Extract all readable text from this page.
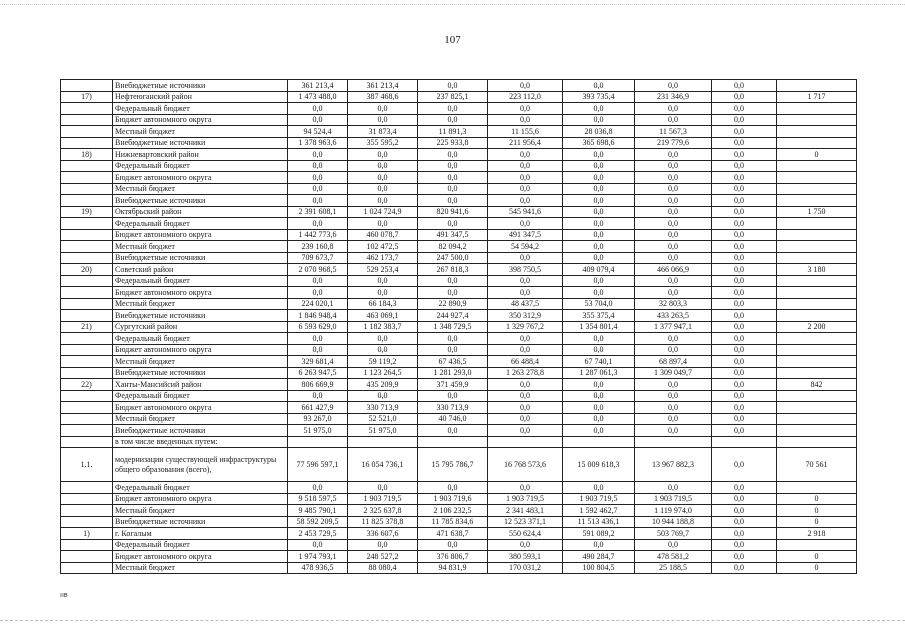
107
	Внебюджетные источники	361 213,4	361 213,4	0,0	0,0	0,0	0,0	0,0	
17)	Нефтеюганский район	1 473 488,0	387 468,6	237 825,1	223 112,0	393 735,4	231 346,9	0,0	1 717
	Федеральный бюджет	0,0	0,0	0,0	0,0	0,0	0,0	0,0	
	Бюджет автономного округа	0,0	0,0	0,0	0,0	0,0	0,0	0,0	
	Местный бюджет	94 524,4	31 873,4	11 891,3	11 155,6	28 036,8	11 567,3	0,0	
	Внебюджетные источники	1 378 963,6	355 595,2	225 933,8	211 956,4	365 698,6	219 779,6	0,0	
18)	Нижневартовский район	0,0	0,0	0,0	0,0	0,0	0,0	0,0	0
	Федеральный бюджет	0,0	0,0	0,0	0,0	0,0	0,0	0,0	
	Бюджет автономного округа	0,0	0,0	0,0	0,0	0,0	0,0	0,0	
	Местный бюджет	0,0	0,0	0,0	0,0	0,0	0,0	0,0	
	Внебюджетные источники	0,0	0,0	0,0	0,0	0,0	0,0	0,0	
19)	Октябрьский район	2 391 608,1	1 024 724,9	820 941,6	545 941,6	0,0	0,0	0,0	1 750
	Федеральный бюджет	0,0	0,0	0,0	0,0	0,0	0,0	0,0	
	Бюджет автономного округа	1 442 773,6	460 078,7	491 347,5	491 347,5	0,0	0,0	0,0	
	Местный бюджет	239 160,8	102 472,5	82 094,2	54 594,2	0,0	0,0	0,0	
	Внебюджетные источники	709 673,7	462 173,7	247 500,0	0,0	0,0	0,0	0,0	
20)	Советский район	2 070 968,5	529 253,4	267 818,3	398 750,5	409 079,4	466 066,9	0,0	3 180
	Федеральный бюджет	0,0	0,0	0,0	0,0	0,0	0,0	0,0	
	Бюджет автономного округа	0,0	0,0	0,0	0,0	0,0	0,0	0,0	
	Местный бюджет	224 020,1	66 184,3	22 890,9	48 437,5	53 704,0	32 803,3	0,0	
	Виебюджетные источники	1 846 948,4	463 069,1	244 927,4	350 312,9	355 375,4	433 263,5	0,0	
21)	Сургутский район	6 593 629,0	1 182 383,7	1 348 729,5	1 329 767,2	1 354 801,4	1 377 947,1	0,0	2 200
	Федеральный бюджет	0,0	0,0	0,0	0,0	0,0	0,0	0,0	
	Бюджет автономного округа	0,0	0,0	0,0	0,0	0,0	0,0	0,0	
	Местный бюджет	329 681,4	59 119,2	67 436,5	66 488,4	67 740,1	68 897,4	0,0	
	Внебюджетные источники	6 263 947,5	1 123 264,5	1 281 293,0	1 263 278,8	1 287 061,3	1 309 049,7	0,0	
22)	Ханты-Мансийсий район	806 669,9	435 209,9	371 459,9	0,0	0,0	0,0	0,0	842
	Федеральный бюджет	0,0	0,0	0,0	0,0	0,0	0,0	0,0	
	Бюджет автономного округа	661 427,9	330 713,9	330 713,9	0,0	0,0	0,0	0,0	
	Местный бюджет	93 267,0	52 521,0	40 746,0	0,0	0,0	0,0	0,0	
	Виебюджетные источники	51 975,0	51 975,0	0,0	0,0	0,0	0,0	0,0	
	в том числе введенных путем:								
1.1.	модернизации существующей инфраструктуры общего образования (всего),	77 596 597,1	16 054 736,1	15 795 786,7	16 768 573,6	15 009 618,3	13 967 882,3	0,0	70 561
	Федеральный бюджет	0,0	0,0	0,0	0,0	0,0	0,0	0,0	
	Бюджет автономного округа	9 518 597,5	1 903 719,5	1 903 719,6	1 903 719,5	1 903 719,5	1 903 719,5	0,0	0
	Местный бюджет	9 485 790,1	2 325 637,8	2 106 232,5	2 341 483,1	1 592 462,7	1 119 974,0	0,0	0
	Внебюджетные источники	58 592 209,5	11 825 378,8	11 785 834,6	12 523 371,1	11 513 436,1	10 944 188,8	0,0	0
1)	г. Когалым	2 453 729,5	336 607,6	471 638,7	550 624,4	591 089,2	503 769,7	0,0	2 918
	Федеральный бюджет	0,0	0,0	0,0	0,0	0,0	0,0	0,0	
	Бюджет автономного округа	1 974 793,1	248 527,2	376 806,7	380 593,1	490 284,7	478 581,2	0,0	0
	Местный бюджет	478 936,5	88 080,4	94 831,9	170 031,2	100 804,5	25 188,5	0,0	0
ııв
